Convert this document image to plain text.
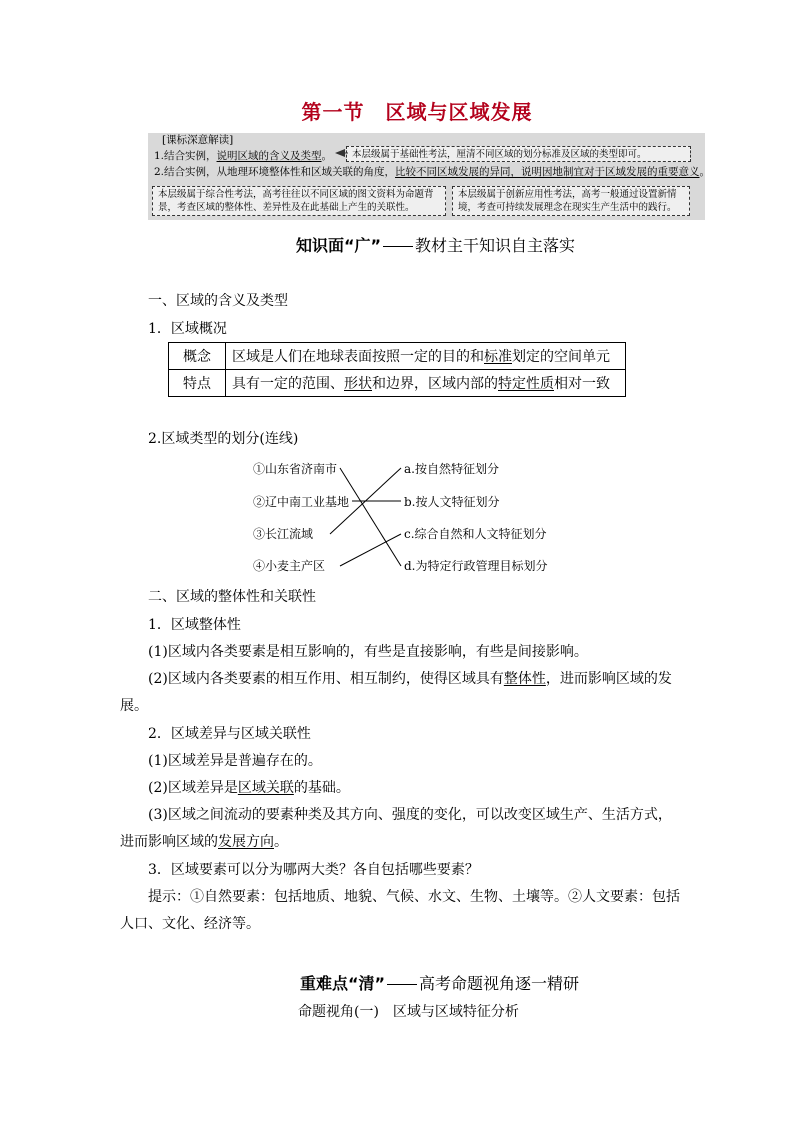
第一节　区域与区域发展
[课标深意解读]
1.结合实例，说明区域的含义及类型。	本层级属于基础性考法，厘清不同区域的划分标准及区域的类型即可。
2.结合实例，从地理环境整体性和区域关联的角度，比较不同区域发展的异同，说明因地制宜对于区域发展的重要意义。
本层级属于综合性考法，高考往往以不同区域的图文资料为命题背景，考查区域的整体性、差异性及在此基础上产生的关联性。
本层级属于创新应用性考法，高考一般通过设置新情境，考查可持续发展理念在现实生产生活中的践行。
知识面“广” 教材主干知识自主落实
一、区域的含义及类型
1．区域概况
概念	区域是人们在地球表面按照一定的目的和标准划定的空间单元
特点	具有一定的范围、形状和边界，区域内部的特定性质相对一致
2.区域类型的划分(连线)
①山东省济南市
②辽中南工业基地
③长江流域
④小麦主产区
a.按自然特征划分
b.按人文特征划分
c.综合自然和人文特征划分
d.为特定行政管理目标划分
二、区域的整体性和关联性
1．区域整体性
(1)区域内各类要素是相互影响的，有些是直接影响，有些是间接影响。
(2)区域内各类要素的相互作用、相互制约，使得区域具有整体性，进而影响区域的发
展。
2．区域差异与区域关联性
(1)区域差异是普遍存在的。
(2)区域差异是区域关联的基础。
(3)区域之间流动的要素种类及其方向、强度的变化，可以改变区域生产、生活方式，
进而影响区域的发展方向。
3．区域要素可以分为哪两大类？各自包括哪些要素？
提示：①自然要素：包括地质、地貌、气候、水文、生物、土壤等。②人文要素：包括
人口、文化、经济等。
重难点“清” 高考命题视角逐一精研
命题视角(一)　区域与区域特征分析
